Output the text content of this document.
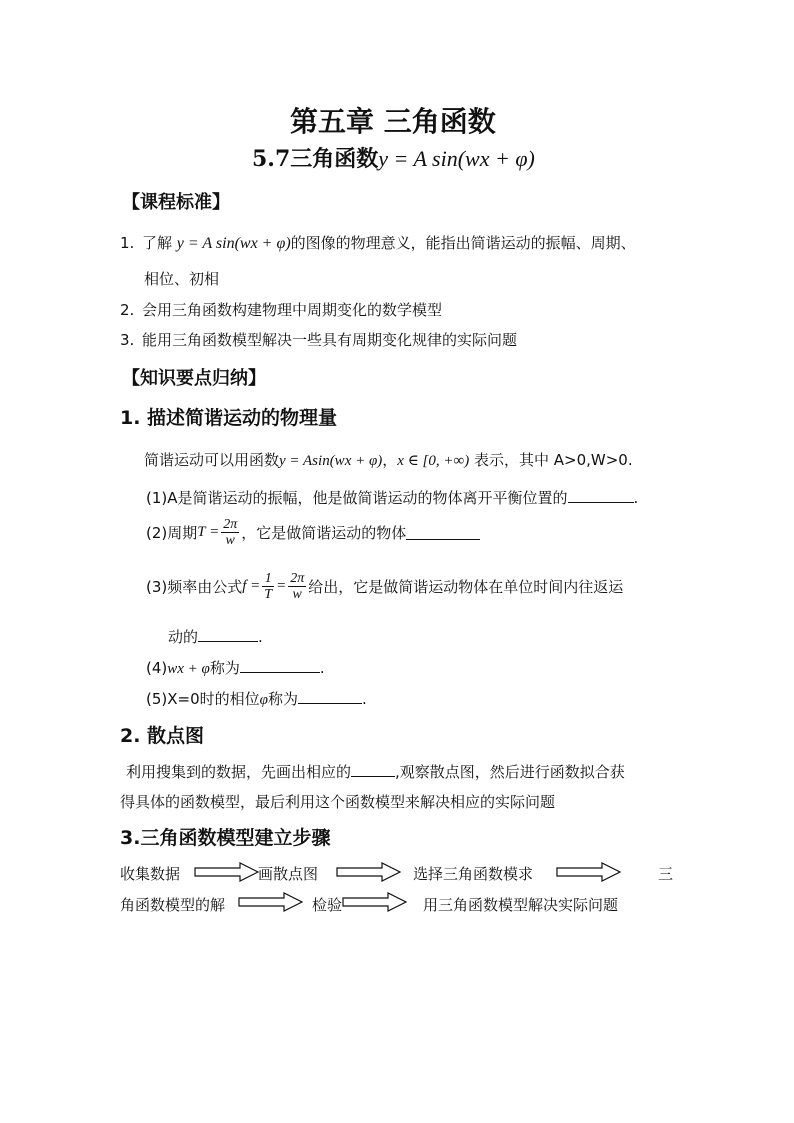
第五章 三角函数
5.7三角函数y = A sin(wx + φ)
【课程标准】
1. 了解 y = A sin(wx + φ)的图像的物理意义，能指出简谐运动的振幅、周期、
相位、初相
2. 会用三角函数构建物理中周期变化的数学模型
3. 能用三角函数模型解决一些具有周期变化规律的实际问题
【知识要点归纳】
1. 描述简谐运动的物理量
简谐运动可以用函数y = Asin(wx + φ)，x ∈ [0, +∞) 表示，其中 A>0,W>0.
(1)A是简谐运动的振幅，他是做简谐运动的物体离开平衡位置的	.
(2)周期$T = \frac{2\pi}{w}$ ，它是做简谐运动的物体
(3)频率由公式$f = \frac{1}{T} = \frac{2\pi}{w}$ 给出，它是做简谐运动物体在单位时间内往返运
动的	.
(4)wx + φ称为	.
(5)X=0时的相位φ称为	.
2. 散点图
利用搜集到的数据，先画出相应的	,观察散点图，然后进行函数拟合获
得具体的函数模型，最后利用这个函数模型来解决相应的实际问题
3.三角函数模型建立步骤
收集数据	画散点图	选择三角函数模求	三
角函数模型的解	检验	用三角函数模型解决实际问题
